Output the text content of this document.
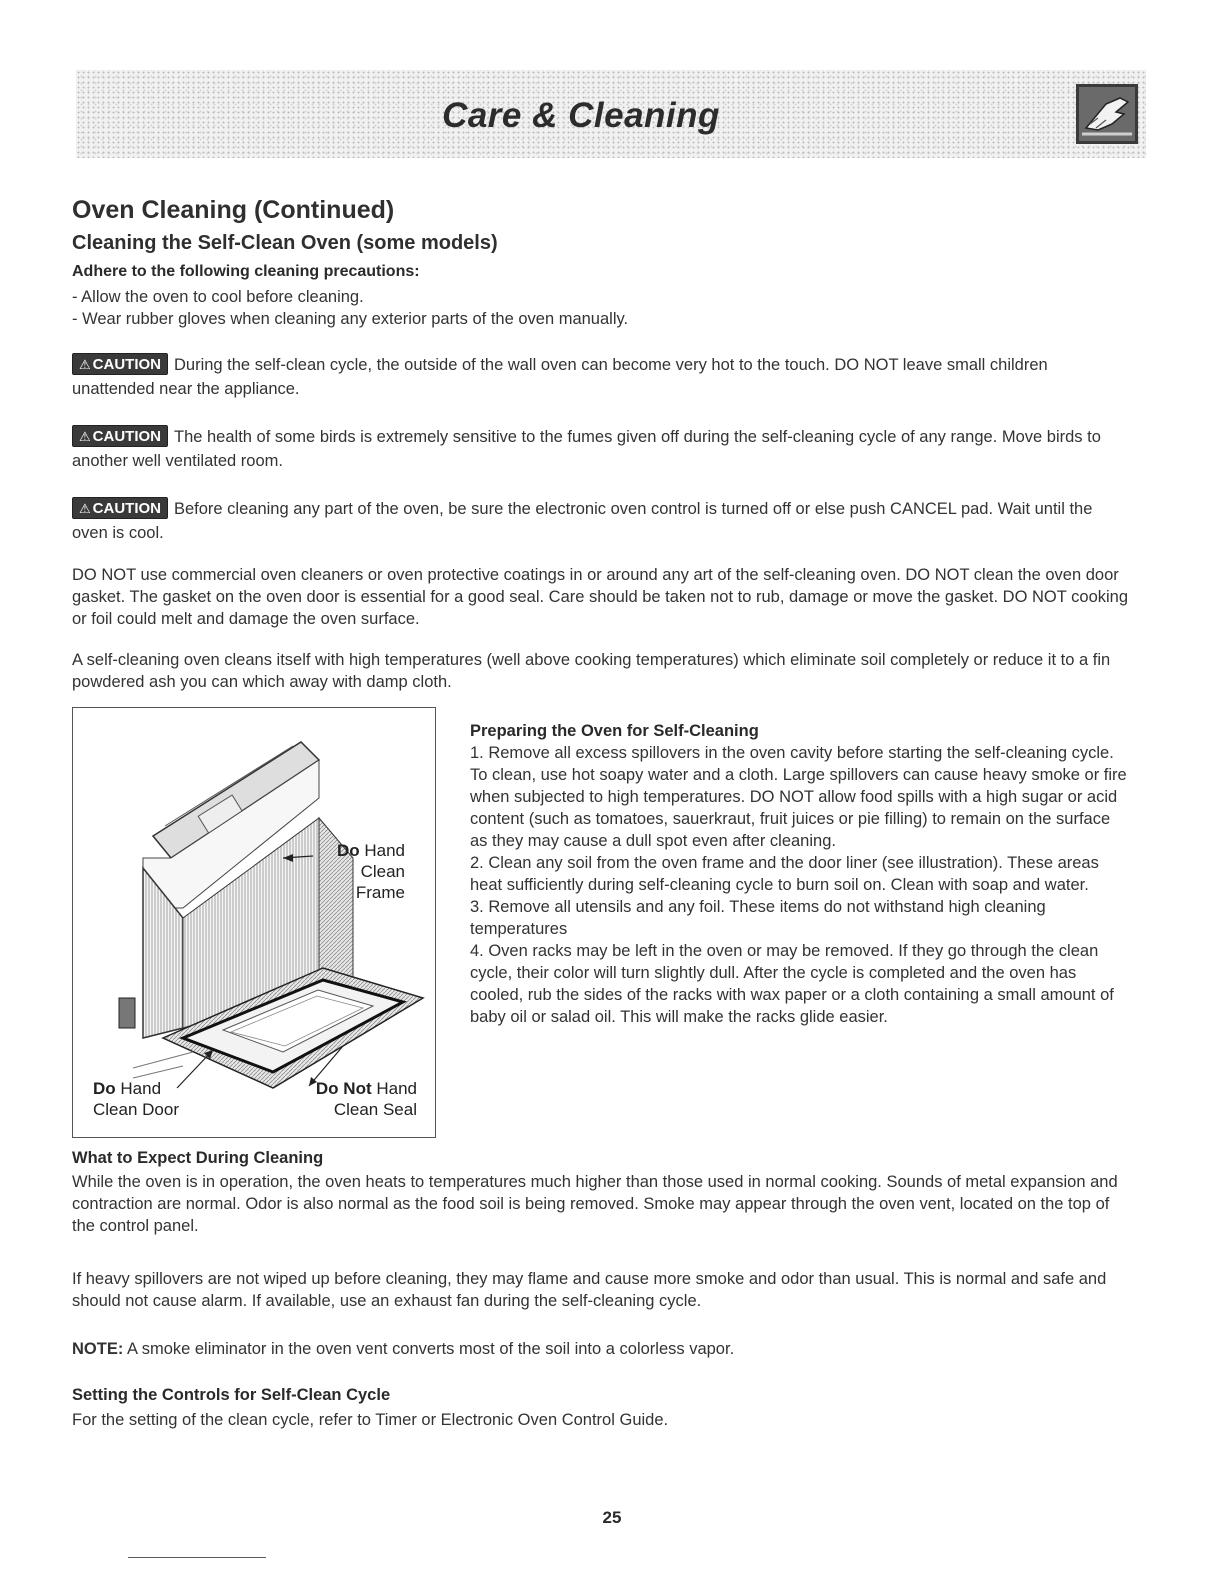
Care & Cleaning
Oven Cleaning (Continued)
Cleaning the Self-Clean Oven (some models)
Adhere to the following cleaning precautions:
- Allow the oven to cool before cleaning.
- Wear rubber gloves when cleaning any exterior parts of the oven manually.
⚠ CAUTION During the self-clean cycle, the outside of the wall oven can become very hot to the touch. DO NOT leave small children unattended near the appliance.
⚠ CAUTION The health of some birds is extremely sensitive to the fumes given off during the self-cleaning cycle of any range. Move birds to another well ventilated room.
⚠ CAUTION Before cleaning any part of the oven, be sure the electronic oven control is turned off or else push CANCEL pad. Wait until the oven is cool.
DO NOT use commercial oven cleaners or oven protective coatings in or around any art of the self-cleaning oven. DO NOT clean the oven door gasket. The gasket on the oven door is essential for a good seal. Care should be taken not to rub, damage or move the gasket. DO NOT cooking or foil could melt and damage the oven surface.
A self-cleaning oven cleans itself with high temperatures (well above cooking temperatures) which eliminate soil completely or reduce it to a fin powdered ash you can which away with damp cloth.
Do Hand
Clean
Frame
Do Hand
Clean Door
Do Not Hand
Clean Seal
Preparing the Oven for Self-Cleaning
1. Remove all excess spillovers in the oven cavity before starting the self-cleaning cycle. To clean, use hot soapy water and a cloth. Large spillovers can cause heavy smoke or fire when subjected to high temperatures. DO NOT allow food spills with a high sugar or acid content (such as tomatoes, sauerkraut, fruit juices or pie filling) to remain on the surface as they may cause a dull spot even after cleaning.
2. Clean any soil from the oven frame and the door liner (see illustration). These areas heat sufficiently during self-cleaning cycle to burn soil on. Clean with soap and water.
3. Remove all utensils and any foil. These items do not withstand high cleaning temperatures
4. Oven racks may be left in the oven or may be removed. If they go through the clean cycle, their color will turn slightly dull. After the cycle is completed and the oven has cooled, rub the sides of the racks with wax paper or a cloth containing a small amount of baby oil or salad oil. This will make the racks glide easier.
What to Expect During Cleaning
While the oven is in operation, the oven heats to temperatures much higher than those used in normal cooking. Sounds of metal expansion and contraction are normal. Odor is also normal as the food soil is being removed. Smoke may appear through the oven vent, located on the top of the control panel.
If heavy spillovers are not wiped up before cleaning, they may flame and cause more smoke and odor than usual. This is normal and safe and should not cause alarm. If available, use an exhaust fan during the self-cleaning cycle.
NOTE: A smoke eliminator in the oven vent converts most of the soil into a colorless vapor.
Setting the Controls for Self-Clean Cycle
For the setting of the clean cycle, refer to Timer or Electronic Oven Control Guide.
25
